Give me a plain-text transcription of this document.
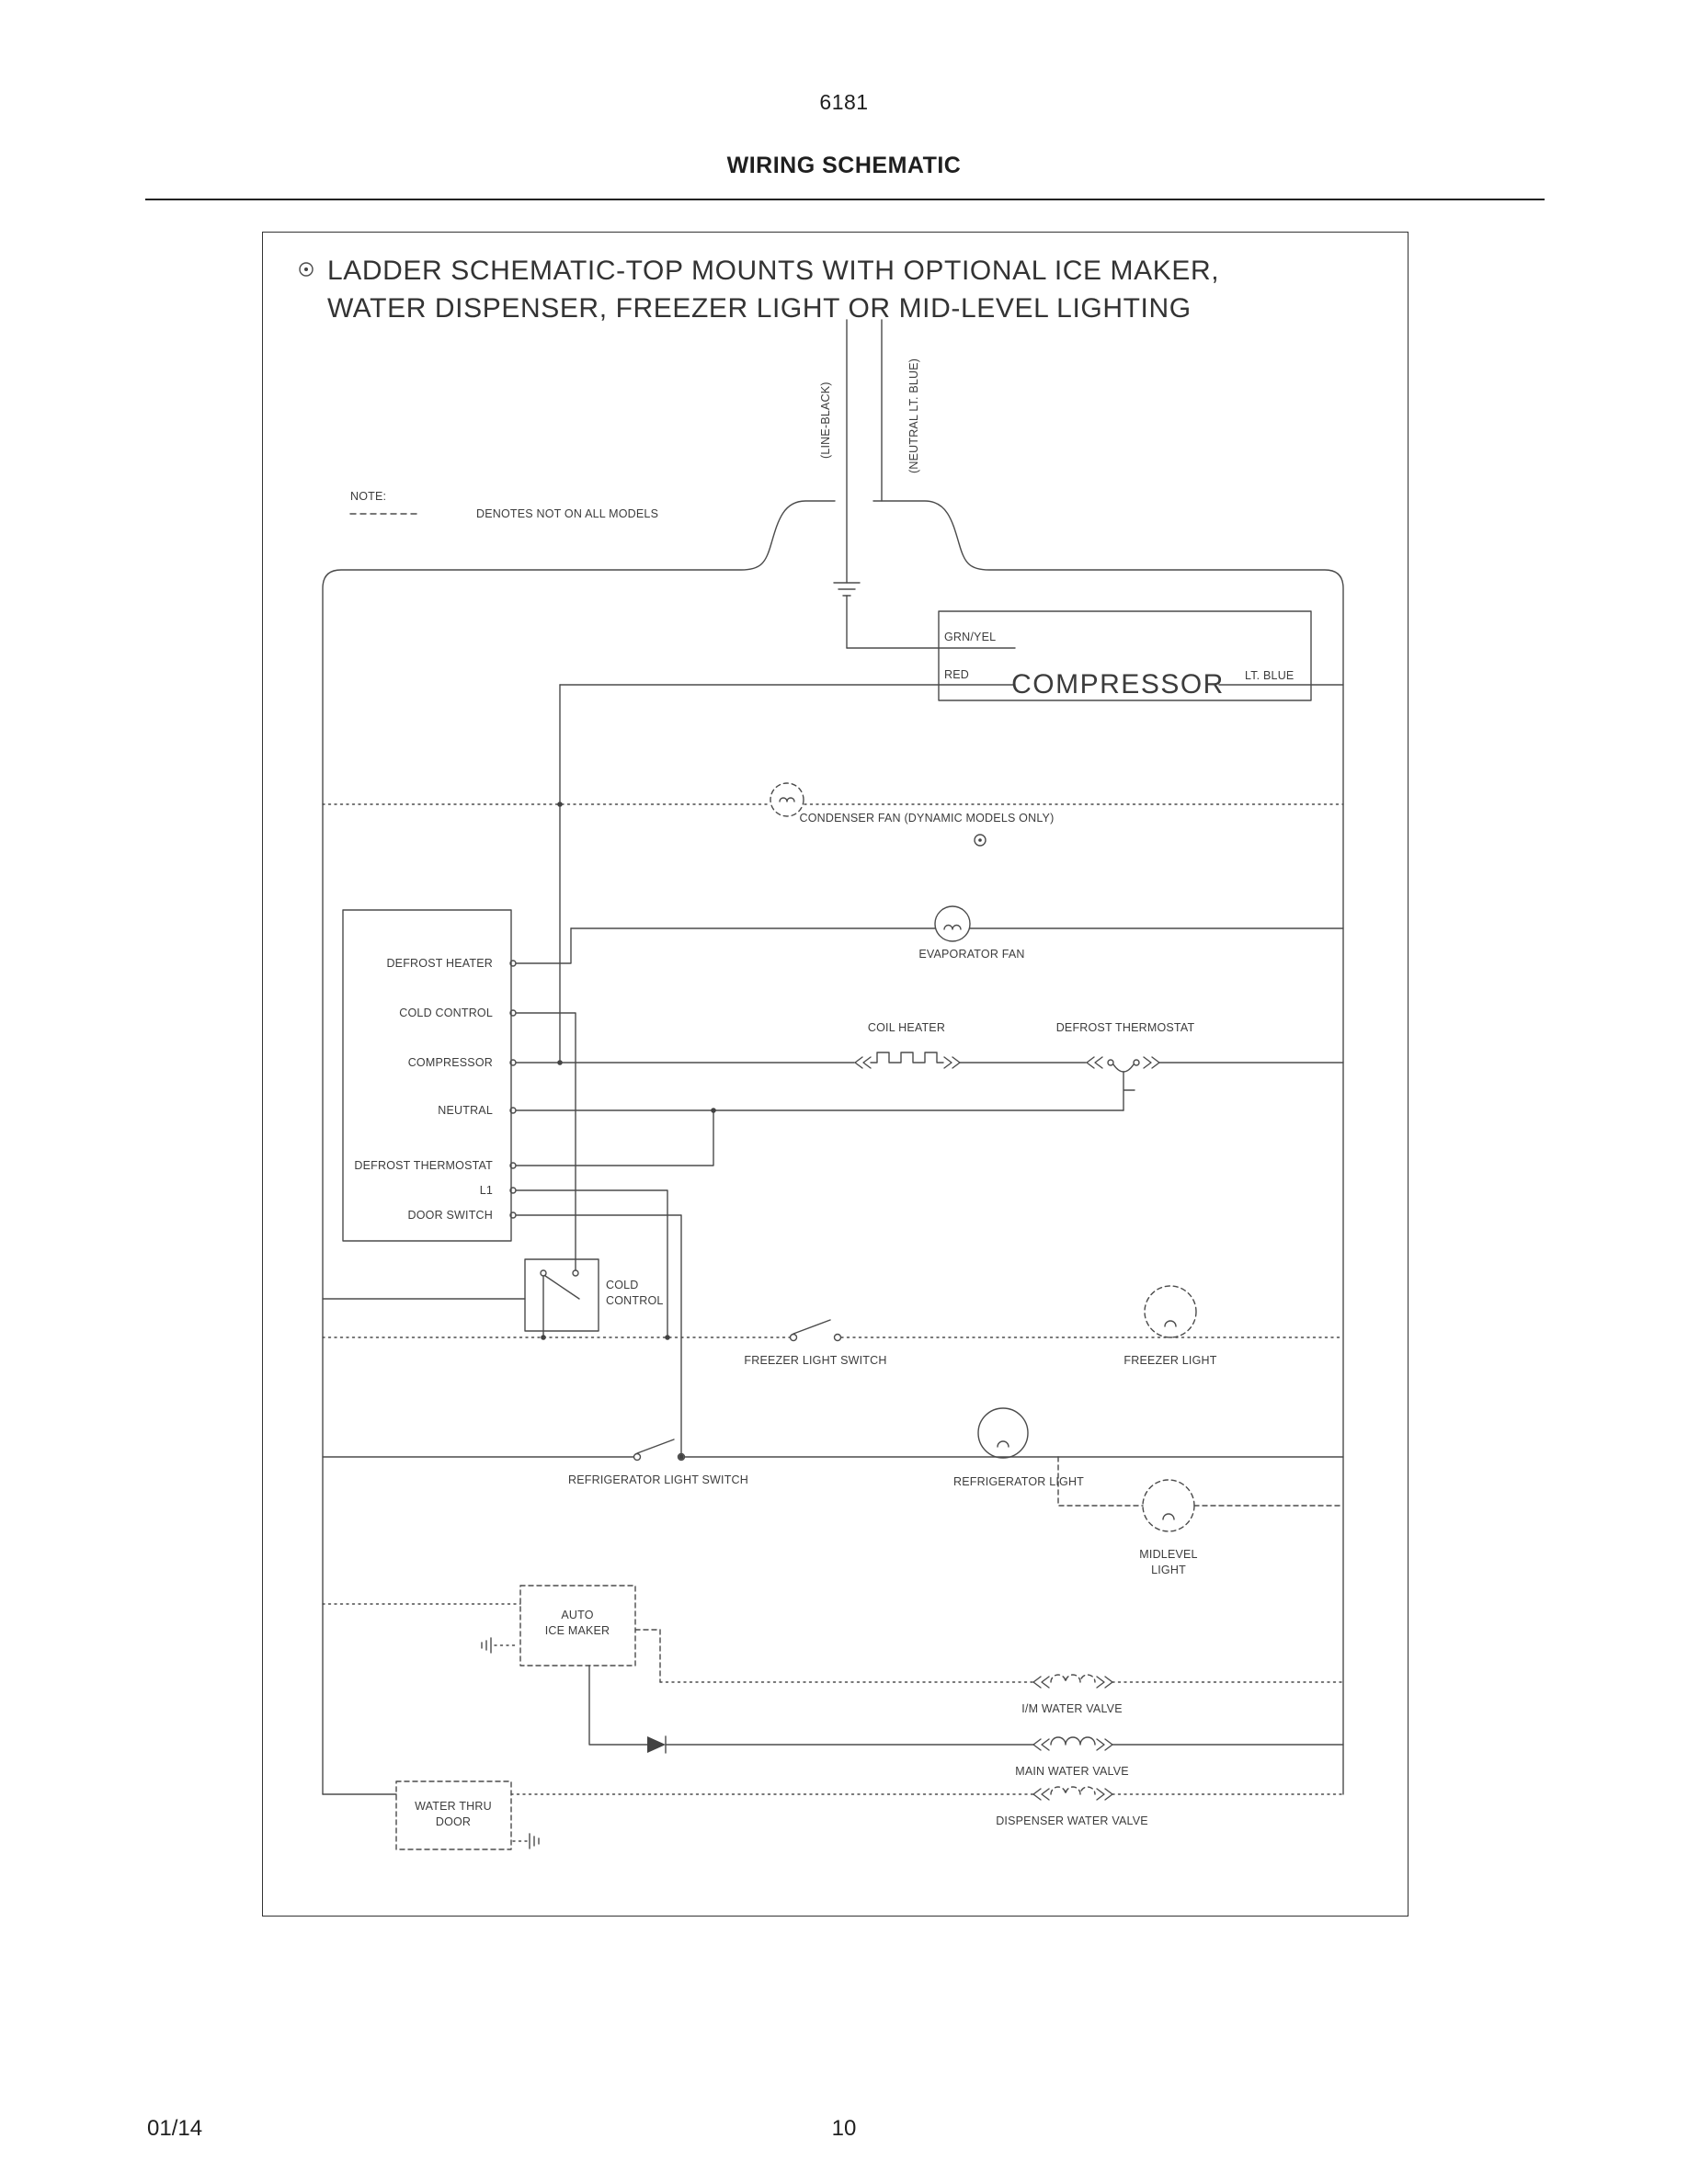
6181
WIRING SCHEMATIC
LADDER SCHEMATIC-TOP MOUNTS WITH OPTIONAL ICE MAKER,
WATER DISPENSER, FREEZER LIGHT OR MID-LEVEL LIGHTING
NOTE:
DENOTES NOT ON ALL MODELS
(LINE-BLACK)	(NEUTRAL LT. BLUE)
GRN/YEL
RED COMPRESSOR LT. BLUE
CONDENSER FAN (DYNAMIC MODELS ONLY)
EVAPORATOR FAN
DEFROST HEATER
COLD CONTROL
COMPRESSOR
NEUTRAL
DEFROST THERMOSTAT
L1
DOOR SWITCH
COIL HEATER	DEFROST THERMOSTAT
COLD
CONTROL
FREEZER LIGHT SWITCH	FREEZER LIGHT
REFRIGERATOR LIGHT SWITCH	REFRIGERATOR LIGHT
MIDLEVEL
LIGHT
AUTO
ICE MAKER
I/M WATER VALVE
MAIN WATER VALVE
WATER THRU
DOOR	DISPENSER WATER VALVE
01/14	10
